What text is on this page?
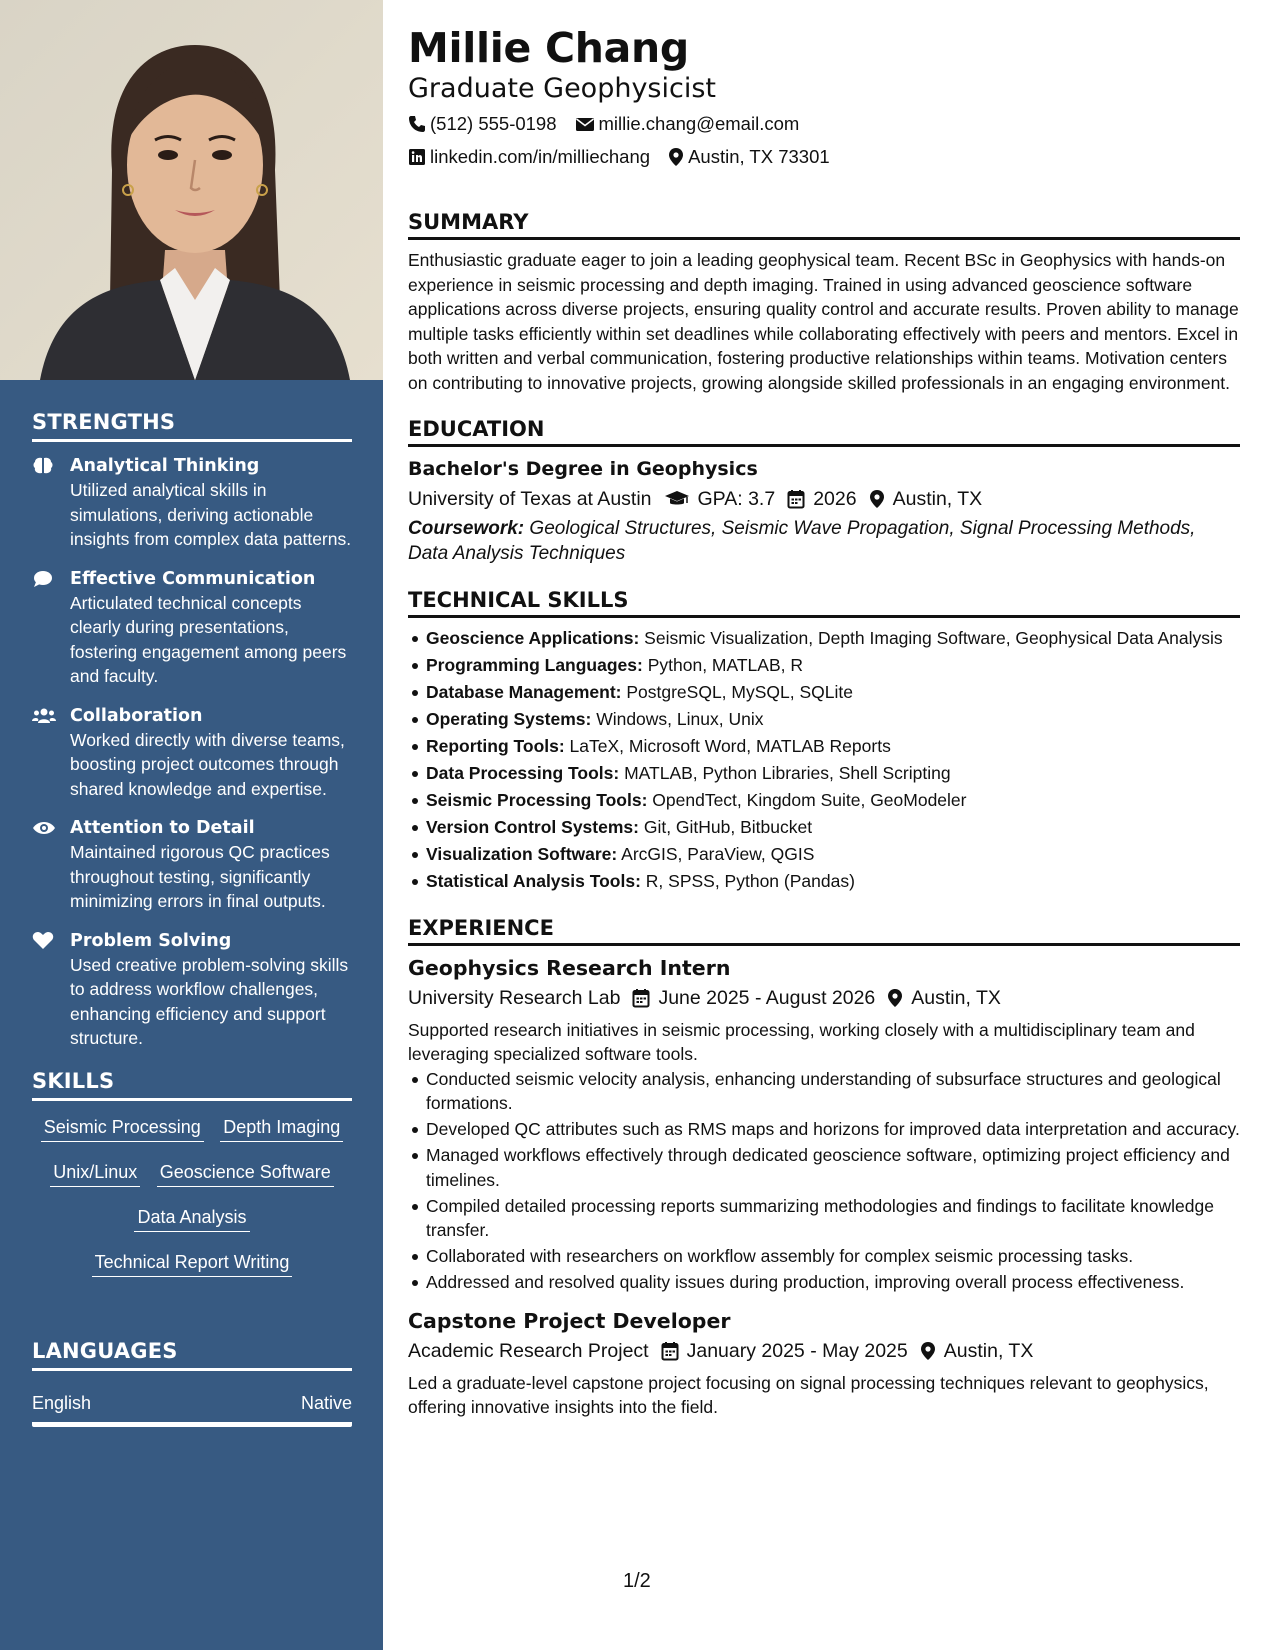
STRENGTHS
Analytical Thinking
Utilized analytical skills in simulations, deriving actionable insights from complex data patterns.
Effective Communication
Articulated technical concepts clearly during presentations, fostering engagement among peers and faculty.
Collaboration
Worked directly with diverse teams, boosting project outcomes through shared knowledge and expertise.
Attention to Detail
Maintained rigorous QC practices throughout testing, significantly minimizing errors in final outputs.
Problem Solving
Used creative problem-solving skills to address workflow challenges, enhancing efficiency and support structure.
SKILLS
Seismic Processing Depth Imaging
Unix/Linux Geoscience Software
Data Analysis
Technical Report Writing
LANGUAGES
English	Native
Millie Chang
Graduate Geophysicist
(512) 555-0198 millie.chang@email.com
linkedin.com/in/milliechang Austin, TX 73301
SUMMARY
Enthusiastic graduate eager to join a leading geophysical team. Recent BSc in Geophysics with hands-on experience in seismic processing and depth imaging. Trained in using advanced geoscience software applications across diverse projects, ensuring quality control and accurate results. Proven ability to manage multiple tasks efficiently within set deadlines while collaborating effectively with peers and mentors. Excel in both written and verbal communication, fostering productive relationships within teams. Motivation centers on contributing to innovative projects, growing alongside skilled professionals in an engaging environment.
EDUCATION
Bachelor's Degree in Geophysics
University of Texas at Austin GPA: 3.7 2026 Austin, TX
Coursework: Geological Structures, Seismic Wave Propagation, Signal Processing Methods, Data Analysis Techniques
TECHNICAL SKILLS
Geoscience Applications: Seismic Visualization, Depth Imaging Software, Geophysical Data Analysis
Programming Languages: Python, MATLAB, R
Database Management: PostgreSQL, MySQL, SQLite
Operating Systems: Windows, Linux, Unix
Reporting Tools: LaTeX, Microsoft Word, MATLAB Reports
Data Processing Tools: MATLAB, Python Libraries, Shell Scripting
Seismic Processing Tools: OpendTect, Kingdom Suite, GeoModeler
Version Control Systems: Git, GitHub, Bitbucket
Visualization Software: ArcGIS, ParaView, QGIS
Statistical Analysis Tools: R, SPSS, Python (Pandas)
EXPERIENCE
Geophysics Research Intern
University Research Lab June 2025 - August 2026 Austin, TX
Supported research initiatives in seismic processing, working closely with a multidisciplinary team and leveraging specialized software tools.
Conducted seismic velocity analysis, enhancing understanding of subsurface structures and geological formations.
Developed QC attributes such as RMS maps and horizons for improved data interpretation and accuracy.
Managed workflows effectively through dedicated geoscience software, optimizing project efficiency and timelines.
Compiled detailed processing reports summarizing methodologies and findings to facilitate knowledge transfer.
Collaborated with researchers on workflow assembly for complex seismic processing tasks.
Addressed and resolved quality issues during production, improving overall process effectiveness.
Capstone Project Developer
Academic Research Project January 2025 - May 2025 Austin, TX
Led a graduate-level capstone project focusing on signal processing techniques relevant to geophysics, offering innovative insights into the field.
1/2
